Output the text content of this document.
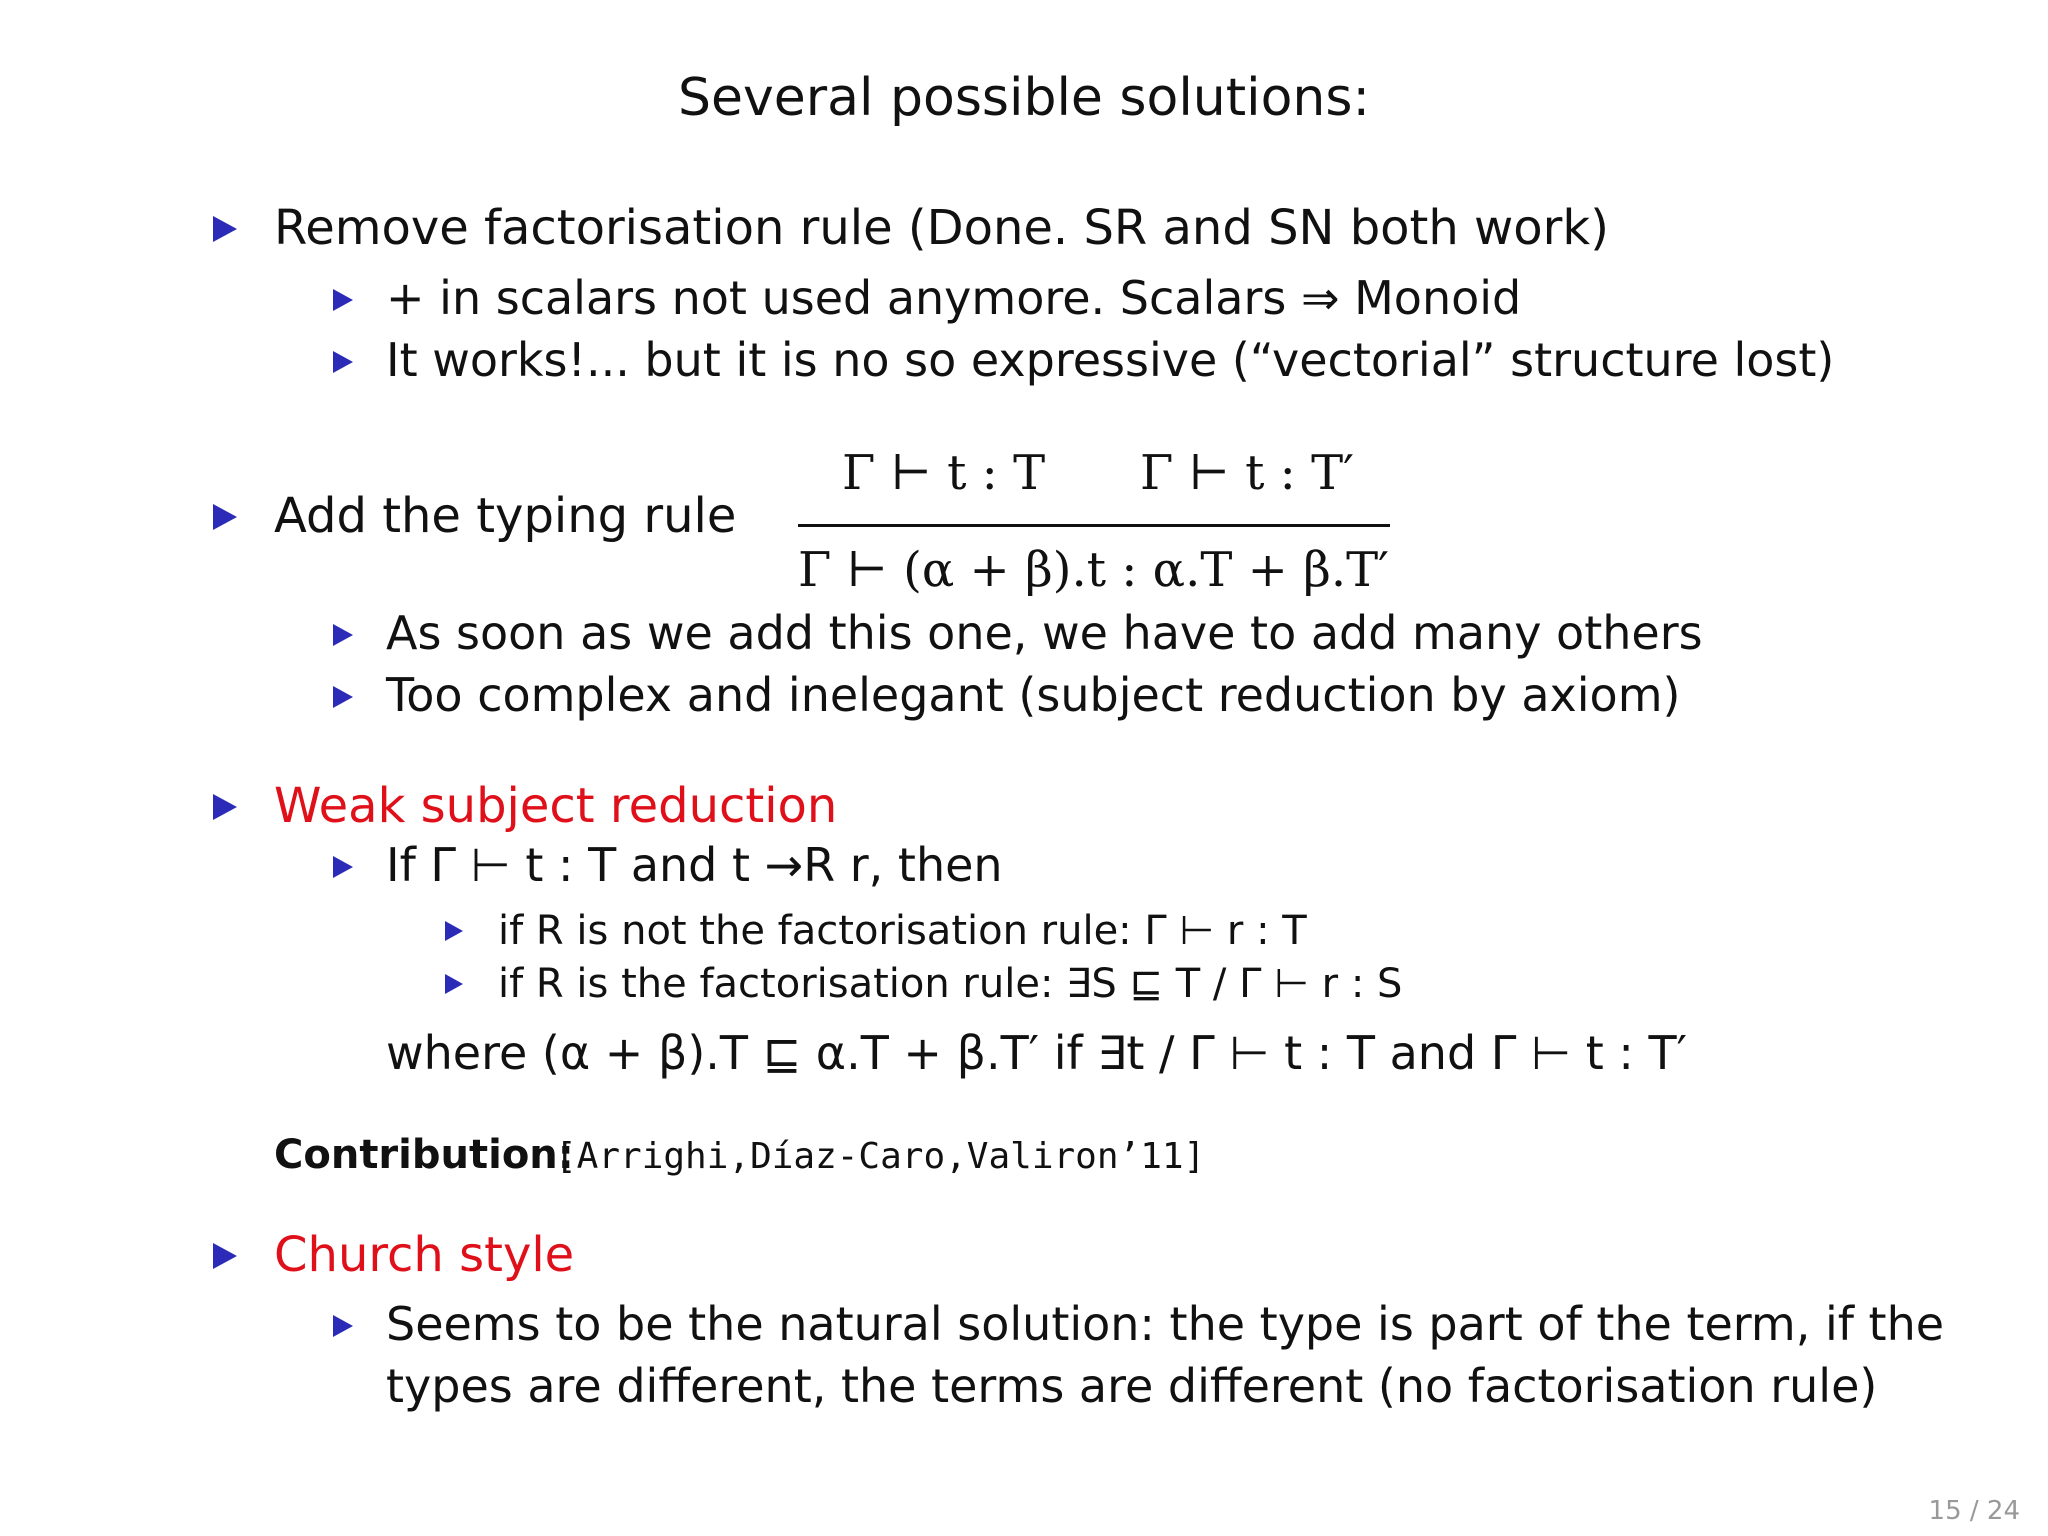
Several possible solutions:
Remove factorisation rule (Done. SR and SN both work)
+ in scalars not used anymore. Scalars ⇒ Monoid
It works!... but it is no so expressive (“vectorial” structure lost)
Add the typing rule
Γ ⊢ t : T Γ ⊢ t : T′
Γ ⊢ (α + β).t : α.T + β.T′
As soon as we add this one, we have to add many others
Too complex and inelegant (subject reduction by axiom)
Weak subject reduction
If Γ ⊢ t : T and t →R r, then
if R is not the factorisation rule: Γ ⊢ r : T
if R is the factorisation rule: ∃S ⊑ T / Γ ⊢ r : S
where (α + β).T ⊑ α.T + β.T′ if ∃t / Γ ⊢ t : T and Γ ⊢ t : T′
Contribution:
[Arrighi,Díaz-Caro,Valiron’11]
Church style
Seems to be the natural solution: the type is part of the term, if the
types are different, the terms are different (no factorisation rule)
15 / 24
